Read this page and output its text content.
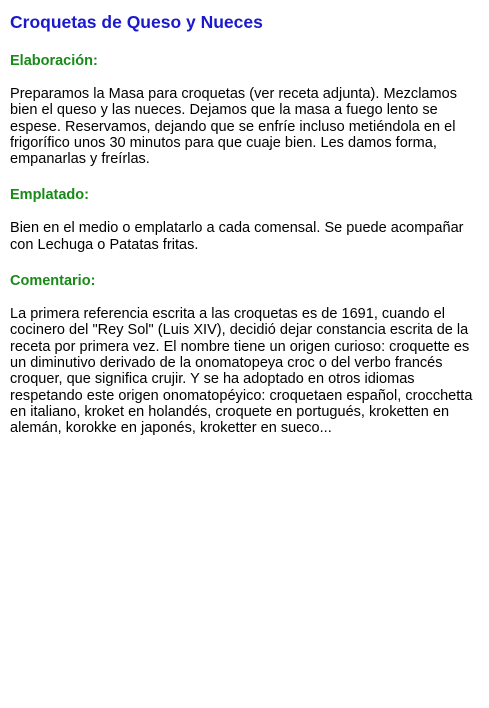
Croquetas de Queso y Nueces
Elaboración:

Preparamos la Masa para croquetas (ver receta adjunta). Mezclamos bien el queso y las nueces. Dejamos que la masa a fuego lento se espese. Reservamos, dejando que se enfríe incluso metiéndola en el frigorífico unos 30 minutos para que cuaje bien. Les damos forma, empanarlas y freírlas.

Emplatado:

Bien en el medio o emplatarlo a cada comensal. Se puede acompañar con Lechuga o Patatas fritas.

Comentario:

La primera referencia escrita a las croquetas es de 1691, cuando el cocinero del "Rey Sol" (Luis XIV), decidió dejar constancia escrita de la receta por primera vez. El nombre tiene un origen curioso: croquette es un diminutivo derivado de la onomatopeya croc o del verbo francés croquer, que significa crujir. Y se ha adoptado en otros idiomas respetando este origen onomatopéyico: croquetaen español, crocchetta en italiano, kroket en holandés, croquete en portugués, kroketten en alemán, korokke en japonés, kroketter en sueco...
